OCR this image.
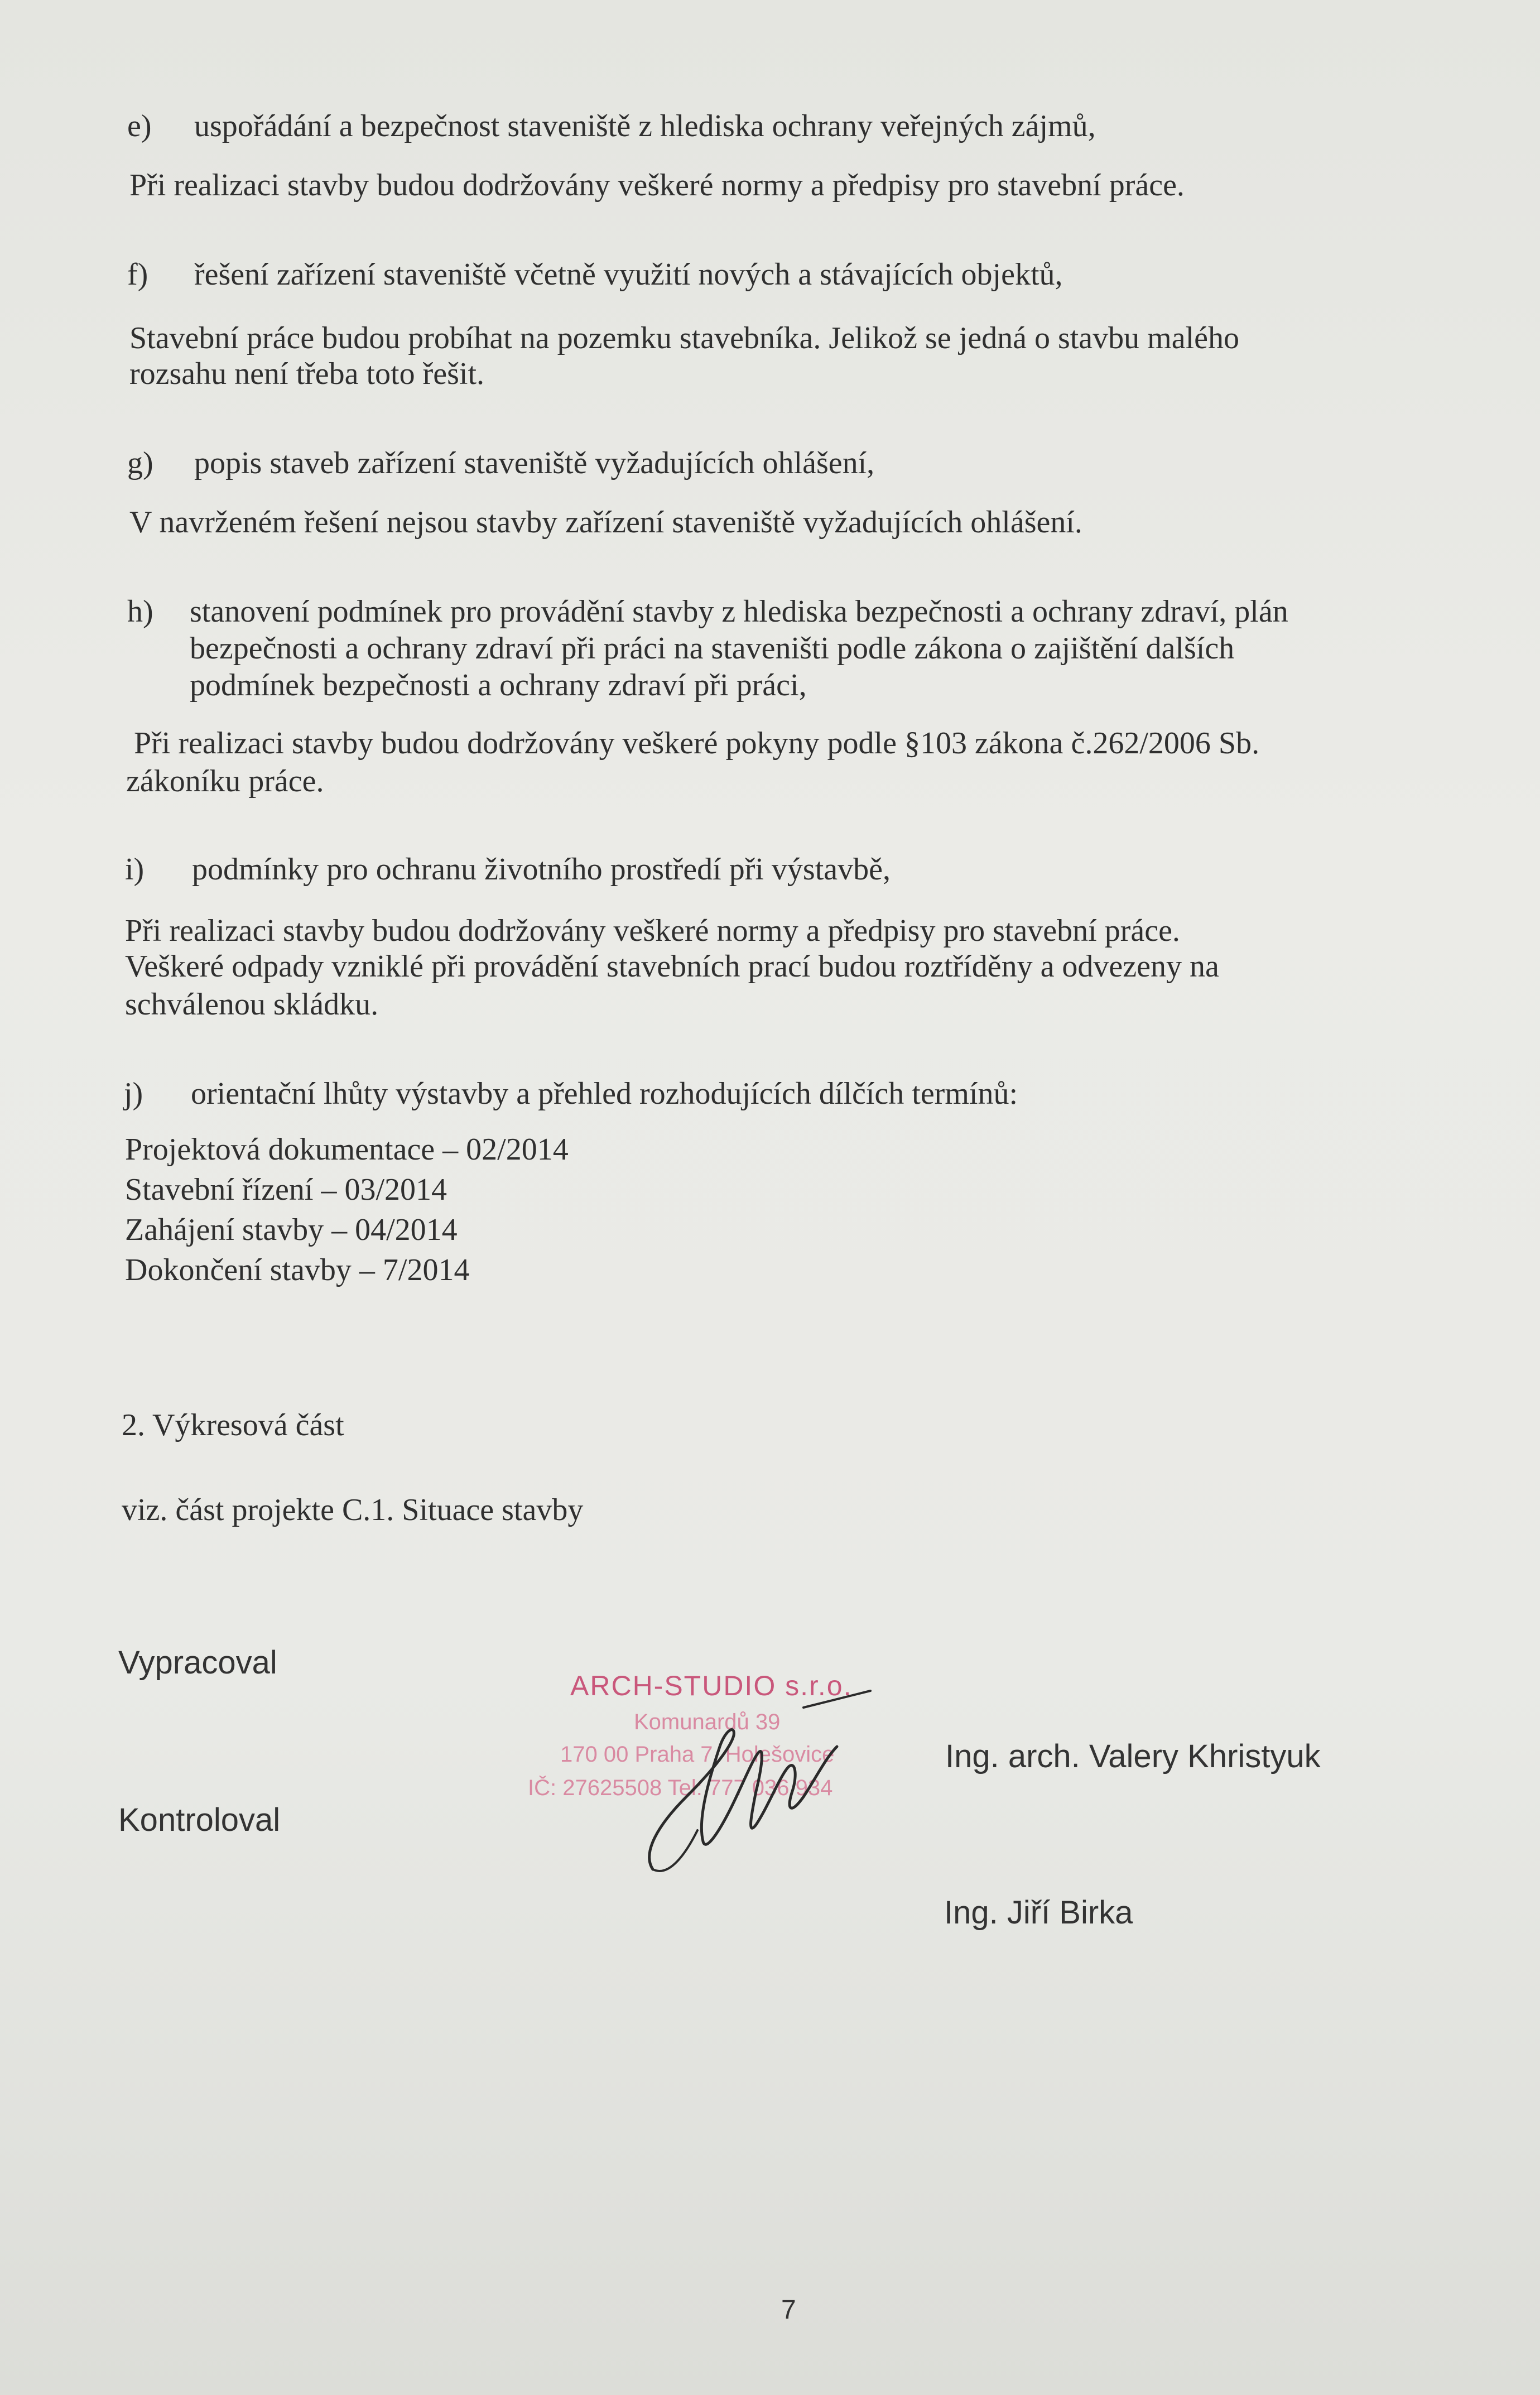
e) uspořádání a bezpečnost staveniště z hlediska ochrany veřejných zájmů,
Při realizaci stavby budou dodržovány veškeré normy a předpisy pro stavební práce.
f) řešení zařízení staveniště včetně využití nových a stávajících objektů,
Stavební práce budou probíhat na pozemku stavebníka. Jelikož se jedná o stavbu malého
rozsahu není třeba toto řešit.
g) popis staveb zařízení staveniště vyžadujících ohlášení,
V navrženém řešení nejsou stavby zařízení staveniště vyžadujících ohlášení.
h) stanovení podmínek pro provádění stavby z hlediska bezpečnosti a ochrany zdraví, plán
bezpečnosti a ochrany zdraví při práci na staveništi podle zákona o zajištění dalších
podmínek bezpečnosti a ochrany zdraví při práci,
Při realizaci stavby budou dodržovány veškeré pokyny podle §103 zákona č.262/2006 Sb.
zákoníku práce.
i) podmínky pro ochranu životního prostředí při výstavbě,
Při realizaci stavby budou dodržovány veškeré normy a předpisy pro stavební práce.
Veškeré odpady vzniklé při provádění stavebních prací budou roztříděny a odvezeny na
schválenou skládku.
j) orientační lhůty výstavby a přehled rozhodujících dílčích termínů:
Projektová dokumentace – 02/2014
Stavební řízení – 03/2014
Zahájení stavby – 04/2014
Dokončení stavby – 7/2014
2. Výkresová část
viz. část projekte C.1. Situace stavby
Vypracoval
Kontroloval
Ing. arch. Valery Khristyuk
Ing. Jiří Birka
ARCH-STUDIO s.r.o.
Komunardů 39
170 00 Praha 7, Holešovice
IČ: 27625508 Tel: 777 036 934
7
